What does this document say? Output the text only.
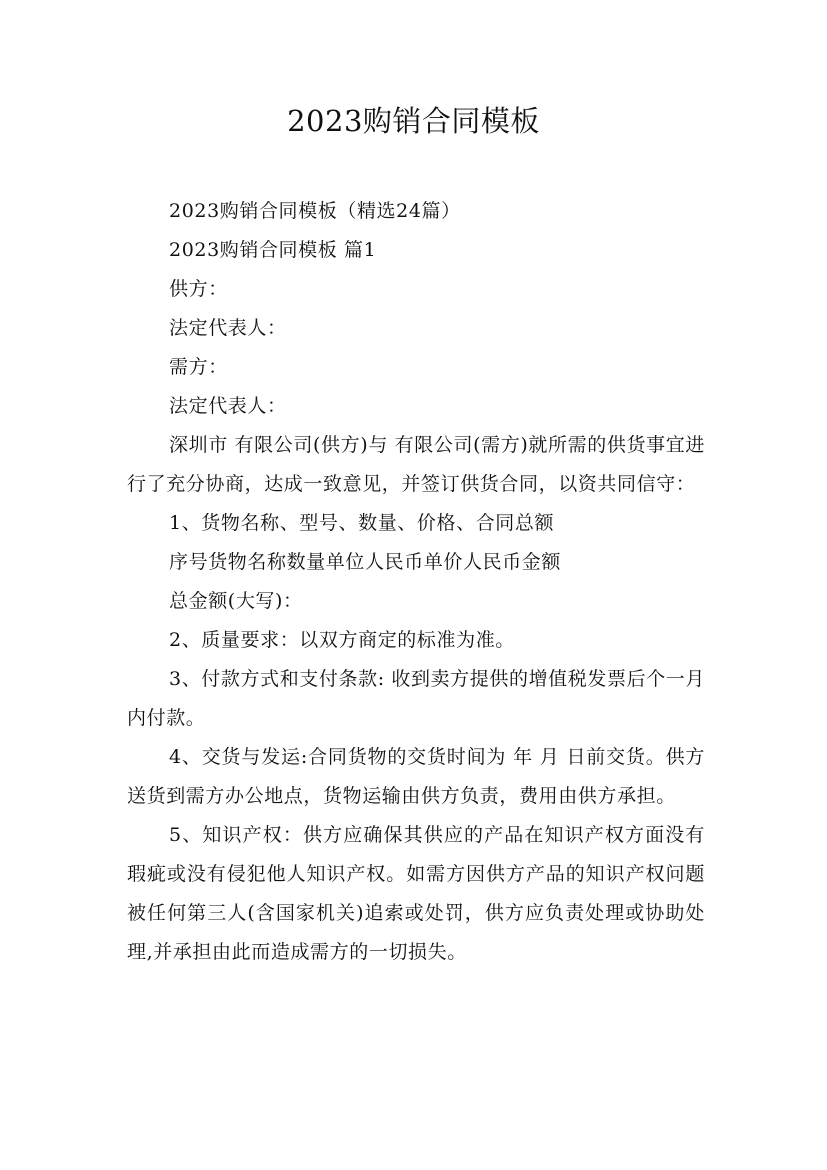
2023购销合同模板

2023购销合同模板（精选24篇）

2023购销合同模板 篇1

供方：

法定代表人：

需方：

法定代表人：

深圳市 有限公司(供方)与 有限公司(需方)就所需的供货事宜进行了充分协商，达成一致意见，并签订供货合同，以资共同信守：

1、货物名称、型号、数量、价格、合同总额

序号货物名称数量单位人民币单价人民币金额

总金额(大写)：

2、质量要求：以双方商定的标准为准。

3、付款方式和支付条款: 收到卖方提供的增值税发票后个一月内付款。

4、交货与发运:合同货物的交货时间为 年 月 日前交货。供方送货到需方办公地点，货物运输由供方负责，费用由供方承担。

5、知识产权：供方应确保其供应的产品在知识产权方面没有瑕疵或没有侵犯他人知识产权。如需方因供方产品的知识产权问题被任何第三人(含国家机关)追索或处罚，供方应负责处理或协助处理,并承担由此而造成需方的一切损失。
